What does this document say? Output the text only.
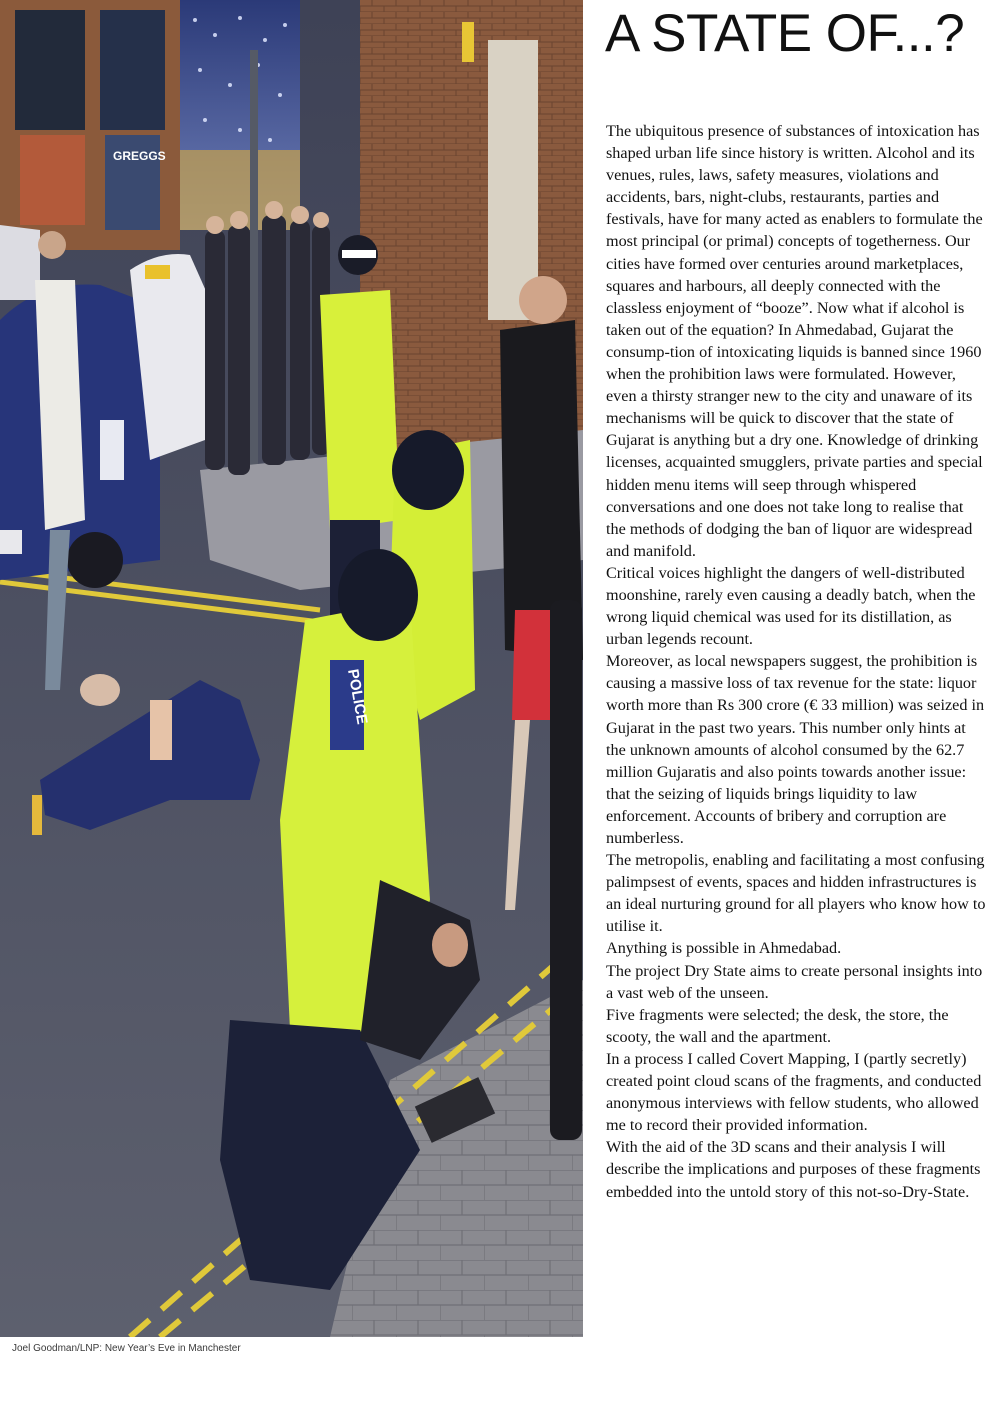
GREGGS
POLICE
Joel Goodman/LNP: New Year’s Eve in Manchester
A STATE OF...?

The ubiquitous presence of substances of intoxication has shaped urban life since history is written. Alcohol and its venues, rules, laws, safety measures, violations and accidents, bars, night-clubs, restaurants, parties and festivals, have for many acted as enablers to formulate the most principal (or primal) concepts of togetherness. Our cities have formed over centuries around marketplaces, squares and harbours, all deeply connected with the classless enjoyment of “booze”. Now what if alcohol is taken out of the equation? In Ahmedabad, Gujarat the consump-tion of intoxicating liquids is banned since 1960 when the prohibition laws were formulated. However, even a thirsty stranger new to the city and unaware of its mechanisms will be quick to discover that the state of Gujarat is anything but a dry one. Knowledge of drinking licenses, acquainted smugglers, private parties and special hidden menu items will seep through whispered conversations and one does not take long to realise that the methods of dodging the ban of liquor are widespread and manifold.

Critical voices highlight the dangers of well-distributed moonshine, rarely even causing a deadly batch, when the wrong liquid chemical was used for its distillation, as urban legends recount.

Moreover, as local newspapers suggest, the prohibition is causing a massive loss of tax revenue for the state: liquor worth more than Rs 300 crore (€ 33 million) was seized in Gujarat in the past two years. This number only hints at the unknown amounts of alcohol consumed by the 62.7 million Gujaratis and also points towards another issue: that the seizing of liquids brings liquidity to law enforcement. Accounts of bribery and corruption are numberless.

The metropolis, enabling and facilitating a most confusing palimpsest of events, spaces and hidden infrastructures is an ideal nurturing ground for all players who know how to utilise it.

Anything is possible in Ahmedabad.

The project Dry State aims to create personal insights into a vast web of the unseen.

Five fragments were selected; the desk, the store, the scooty, the wall and the apartment.

In a process I called Covert Mapping, I (partly secretly) created point cloud scans of the fragments, and conducted anonymous interviews with fellow students, who allowed me to record their provided information.

With the aid of the 3D scans and their analysis I will describe the implications and purposes of these fragments embedded into the untold story of this not-so-Dry-State.
